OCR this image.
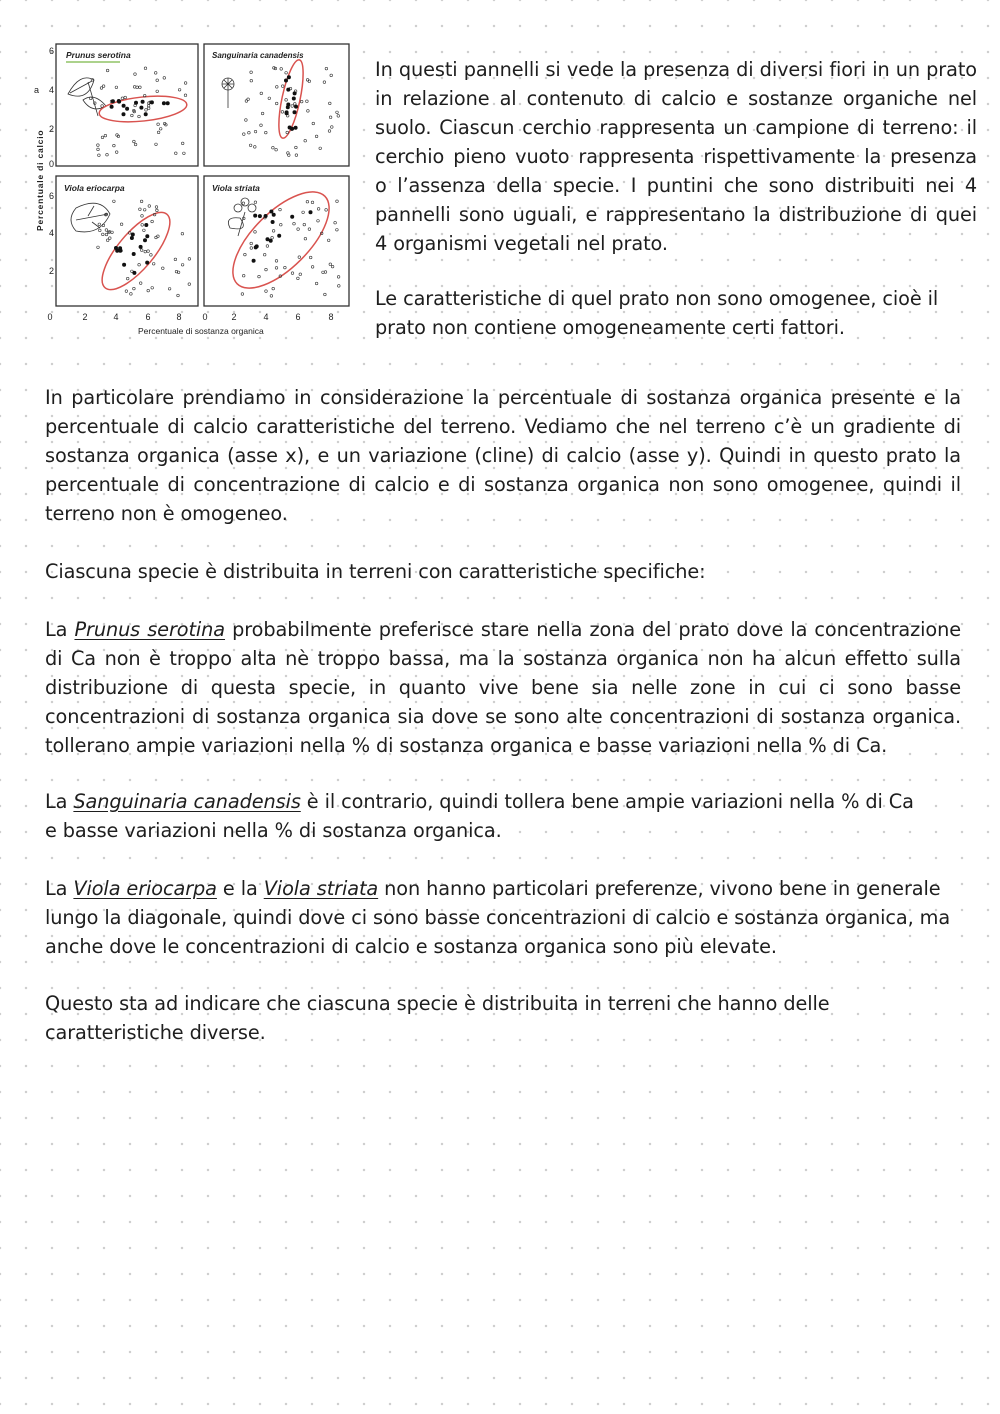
a
Percentuale di calcio
Prunus serotina	Sanguinaria canadensis
Viola eriocarpa	Viola striata
6
4
2
0
6
4
2
0	2	4	6	8 0	2	4	6	8
Percentuale di sostanza organica

In questi pannelli si vede la presenza di diversi fiori in un prato in relazione al contenuto di calcio e sostanze organiche nel suolo. Ciascun cerchio rappresenta un campione di terreno: il cerchio pieno vuoto rappresenta rispettivamente la presenza o l’assenza della specie. I puntini che sono distribuiti nei 4 pannelli sono uguali, e rappresentano la distribuzione di quei 4 organismi vegetali nel prato.

Le caratteristiche di quel prato non sono omogenee, cioè il prato non contiene omogeneamente certi fattori.

In particolare prendiamo in considerazione la percentuale di sostanza organica presente e la percentuale di calcio caratteristiche del terreno. Vediamo che nel terreno c’è un gradiente di sostanza organica (asse x), e un variazione (cline) di calcio (asse y). Quindi in questo prato la percentuale di concentrazione di calcio e di sostanza organica non sono omogenee, quindi il terreno non è omogeneo.

Ciascuna specie è distribuita in terreni con caratteristiche specifiche:

La Prunus serotina probabilmente preferisce stare nella zona del prato dove la concentrazione di Ca non è troppo alta nè troppo bassa, ma la sostanza organica non ha alcun effetto sulla distribuzione di questa specie, in quanto vive bene sia nelle zone in cui ci sono basse concentrazioni di sostanza organica sia dove se sono alte concentrazioni di sostanza organica. tollerano ampie variazioni nella % di sostanza organica e basse variazioni nella % di Ca.

La Sanguinaria canadensis è il contrario, quindi tollera bene ampie variazioni nella % di Ca e basse variazioni nella % di sostanza organica.

La Viola eriocarpa e la Viola striata non hanno particolari preferenze, vivono bene in generale lungo la diagonale, quindi dove ci sono basse concentrazioni di calcio e sostanza organica, ma anche dove le concentrazioni di calcio e sostanza organica sono più elevate.

Questo sta ad indicare che ciascuna specie è distribuita in terreni che hanno delle caratteristiche diverse.
